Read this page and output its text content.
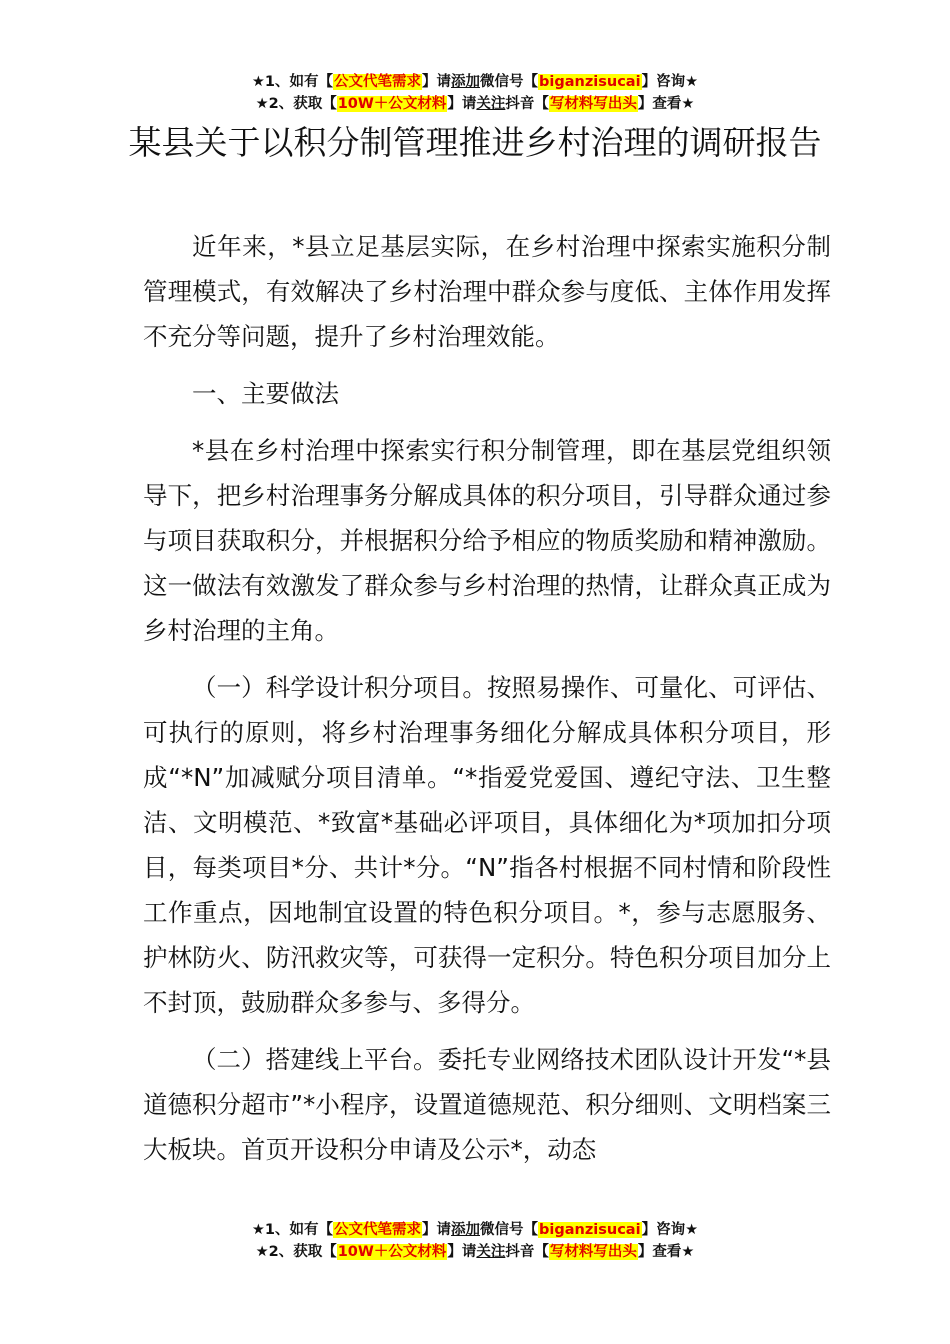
★1、如有【公文代笔需求】请添加微信号【biganzisucai】咨询★
★2、获取【10W＋公文材料】请关注抖音【写材料写出头】查看★
某县关于以积分制管理推进乡村治理的调研报告

近年来，*县立足基层实际，在乡村治理中探索实施积分制管理模式，有效解决了乡村治理中群众参与度低、主体作用发挥不充分等问题，提升了乡村治理效能。

一、主要做法

*县在乡村治理中探索实行积分制管理，即在基层党组织领导下，把乡村治理事务分解成具体的积分项目，引导群众通过参与项目获取积分，并根据积分给予相应的物质奖励和精神激励。这一做法有效激发了群众参与乡村治理的热情，让群众真正成为乡村治理的主角。

（一）科学设计积分项目。按照易操作、可量化、可评估、可执行的原则，将乡村治理事务细化分解成具体积分项目，形成“*N”加减赋分项目清单。“*指爱党爱国、遵纪守法、卫生整洁、文明模范、*致富*基础必评项目，具体细化为*项加扣分项目，每类项目*分、共计*分。“N”指各村根据不同村情和阶段性工作重点，因地制宜设置的特色积分项目。*，参与志愿服务、护林防火、防汛救灾等，可获得一定积分。特色积分项目加分上不封顶，鼓励群众多参与、多得分。

（二）搭建线上平台。委托专业网络技术团队设计开发“*县道德积分超市”*小程序，设置道德规范、积分细则、文明档案三大板块。首页开设积分申请及公示*，动态

★1、如有【公文代笔需求】请添加微信号【biganzisucai】咨询★
★2、获取【10W＋公文材料】请关注抖音【写材料写出头】查看★
